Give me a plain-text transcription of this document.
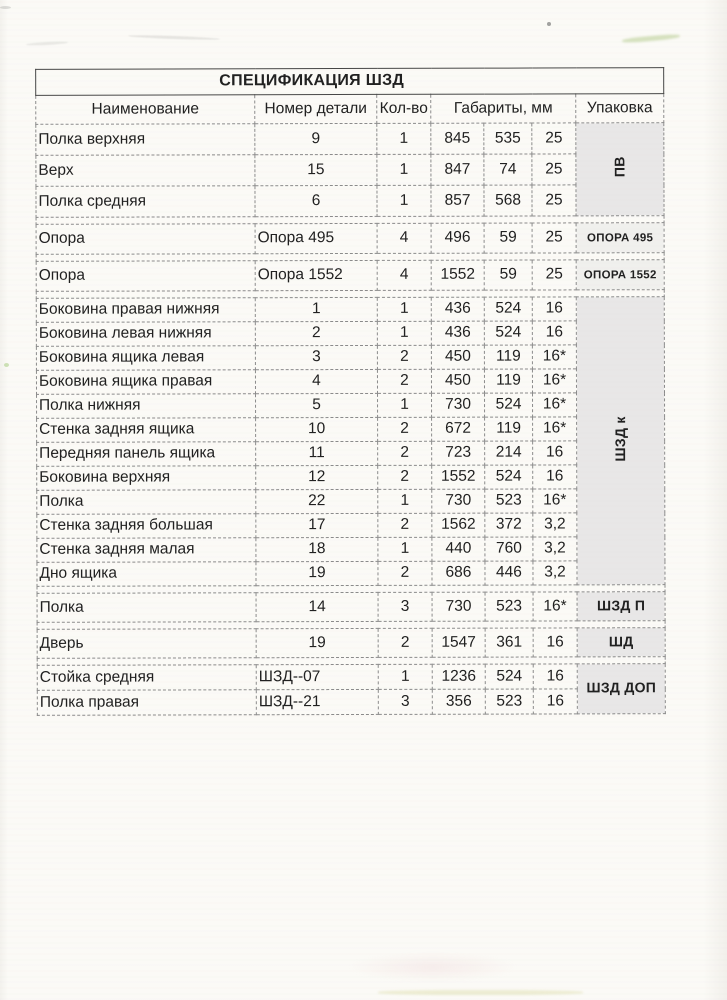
СПЕЦИФИКАЦИЯ ШЗД						
Наименование	Номер детали	Кол-во	Габариты, мм			Упаковка
Полка верхняя	9	1	845	535	25	ПВ
Верх	15	1	847	74	25	
Полка средняя	6	1	857	568	25	

Опора	Опора 495	4	496	59	25	ОПОРА 495

Опора	Опора 1552	4	1552	59	25	ОПОРА 1552

Боковина правая нижняя	1	1	436	524	16	ШЗД к
Боковина левая нижняя	2	1	436	524	16	
Боковина ящика левая	3	2	450	119	16*	
Боковина ящика правая	4	2	450	119	16*	
Полка нижняя	5	1	730	524	16*	
Стенка задняя ящика	10	2	672	119	16*	
Передняя панель ящика	11	2	723	214	16	
Боковина верхняя	12	2	1552	524	16	
Полка	22	1	730	523	16*	
Стенка задняя большая	17	2	1562	372	3,2	
Стенка задняя малая	18	1	440	760	3,2	
Дно ящика	19	2	686	446	3,2	

Полка	14	3	730	523	16*	ШЗД П

Дверь	19	2	1547	361	16	ШД

Стойка средняя	ШЗД--07	1	1236	524	16	ШЗД ДОП
Полка правая	ШЗД--21	3	356	523	16	
